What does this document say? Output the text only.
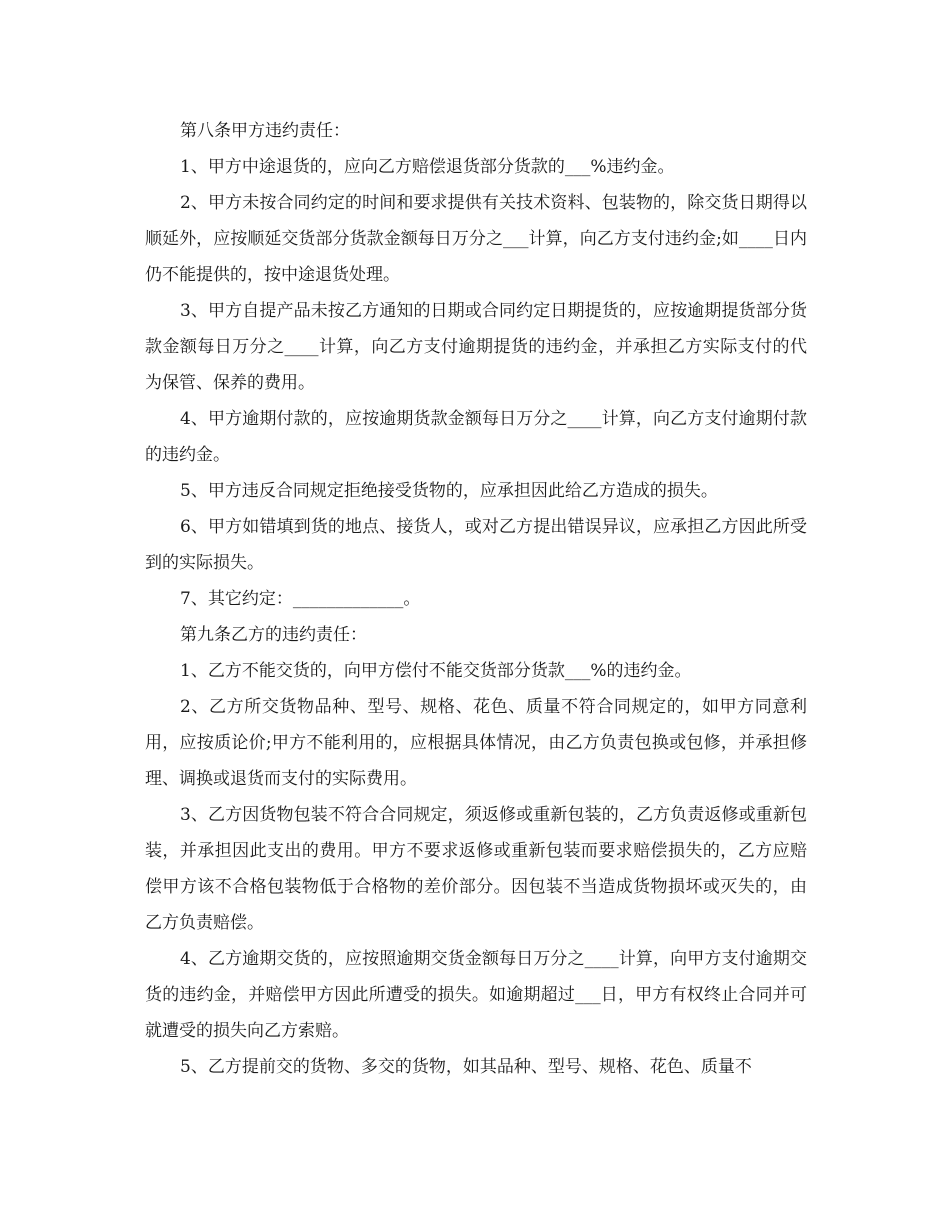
第八条甲方违约责任：

1、甲方中途退货的，应向乙方赔偿退货部分货款的___%违约金。

2、甲方未按合同约定的时间和要求提供有关技术资料、包装物的，除交货日期得以顺延外，应按顺延交货部分货款金额每日万分之___计算，向乙方支付违约金;如____日内仍不能提供的，按中途退货处理。

3、甲方自提产品未按乙方通知的日期或合同约定日期提货的，应按逾期提货部分货款金额每日万分之____计算，向乙方支付逾期提货的违约金，并承担乙方实际支付的代为保管、保养的费用。

4、甲方逾期付款的，应按逾期货款金额每日万分之____计算，向乙方支付逾期付款的违约金。

5、甲方违反合同规定拒绝接受货物的，应承担因此给乙方造成的损失。

6、甲方如错填到货的地点、接货人，或对乙方提出错误异议，应承担乙方因此所受到的实际损失。

7、其它约定：_____________。

第九条乙方的违约责任：

1、乙方不能交货的，向甲方偿付不能交货部分货款___%的违约金。

2、乙方所交货物品种、型号、规格、花色、质量不符合同规定的，如甲方同意利用，应按质论价;甲方不能利用的，应根据具体情况，由乙方负责包换或包修，并承担修理、调换或退货而支付的实际费用。

3、乙方因货物包装不符合合同规定，须返修或重新包装的，乙方负责返修或重新包装，并承担因此支出的费用。甲方不要求返修或重新包装而要求赔偿损失的，乙方应赔偿甲方该不合格包装物低于合格物的差价部分。因包装不当造成货物损坏或灭失的，由乙方负责赔偿。

4、乙方逾期交货的，应按照逾期交货金额每日万分之____计算，向甲方支付逾期交货的违约金，并赔偿甲方因此所遭受的损失。如逾期超过___日，甲方有权终止合同并可就遭受的损失向乙方索赔。

5、乙方提前交的货物、多交的货物，如其品种、型号、规格、花色、质量不
